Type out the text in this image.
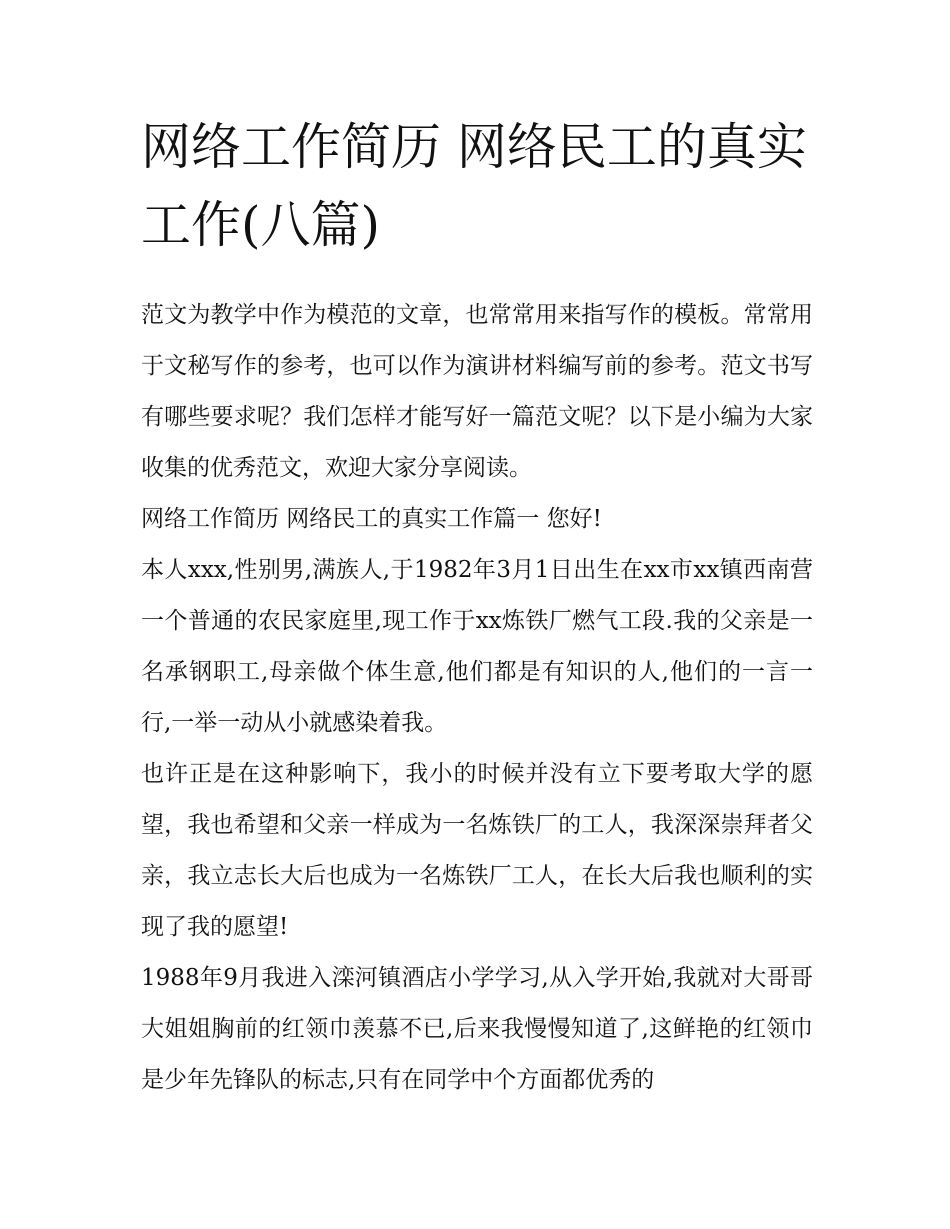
网络工作简历 网络民工的真实工作(八篇)

范文为教学中作为模范的文章，也常常用来指写作的模板。常常用于文秘写作的参考，也可以作为演讲材料编写前的参考。范文书写有哪些要求呢？我们怎样才能写好一篇范文呢？以下是小编为大家收集的优秀范文，欢迎大家分享阅读。

网络工作简历 网络民工的真实工作篇一 您好!

本人xxx,性别男,满族人,于1982年3月1日出生在xx市xx镇西南营一个普通的农民家庭里,现工作于xx炼铁厂燃气工段.我的父亲是一名承钢职工,母亲做个体生意,他们都是有知识的人,他们的一言一行,一举一动从小就感染着我。

也许正是在这种影响下，我小的时候并没有立下要考取大学的愿望，我也希望和父亲一样成为一名炼铁厂的工人，我深深崇拜者父亲，我立志长大后也成为一名炼铁厂工人，在长大后我也顺利的实现了我的愿望!

1988年9月我进入滦河镇酒店小学学习,从入学开始,我就对大哥哥大姐姐胸前的红领巾羡慕不已,后来我慢慢知道了,这鲜艳的红领巾是少年先锋队的标志,只有在同学中个方面都优秀的
